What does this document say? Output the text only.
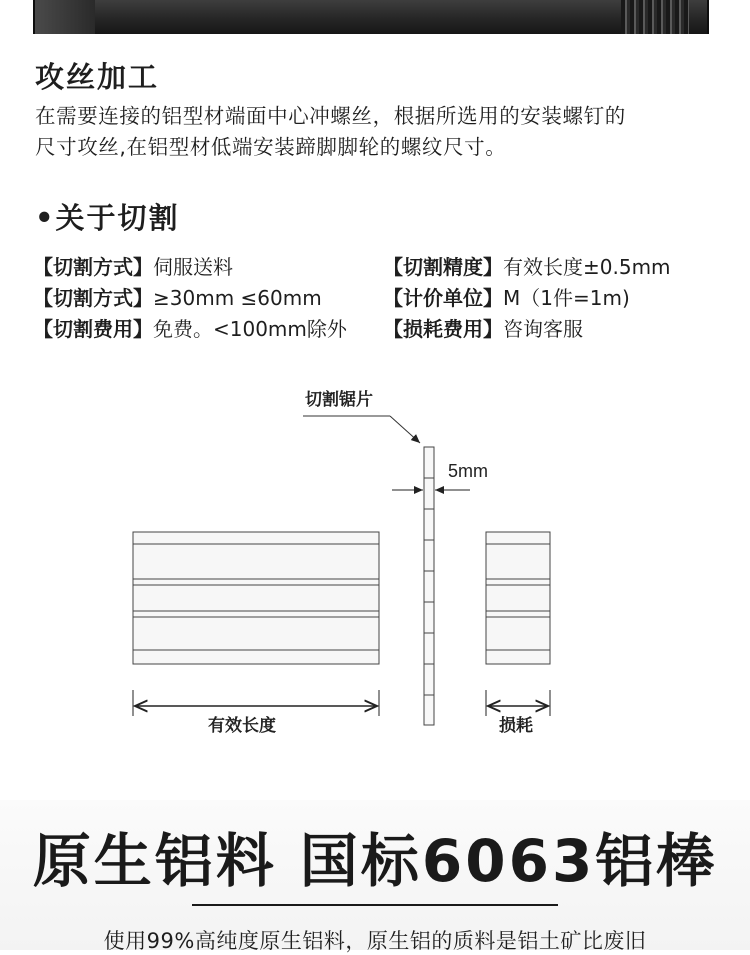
攻丝加工
在需要连接的铝型材端面中心冲螺丝，根据所选用的安装螺钉的
尺寸攻丝,在铝型材低端安装蹄脚脚轮的螺纹尺寸。
•关于切割
【切割方式】伺服送料
【切割方式】≥30mm ≤60mm
【切割费用】免费。<100mm除外
【切割精度】有效长度±0.5mm
【计价单位】M（1件=1m)
【损耗费用】咨询客服
切割锯片
5mm
有效长度	损耗
原生铝料 国标6063铝棒
使用99%高纯度原生铝料，原生铝的质料是铝土矿比废旧
